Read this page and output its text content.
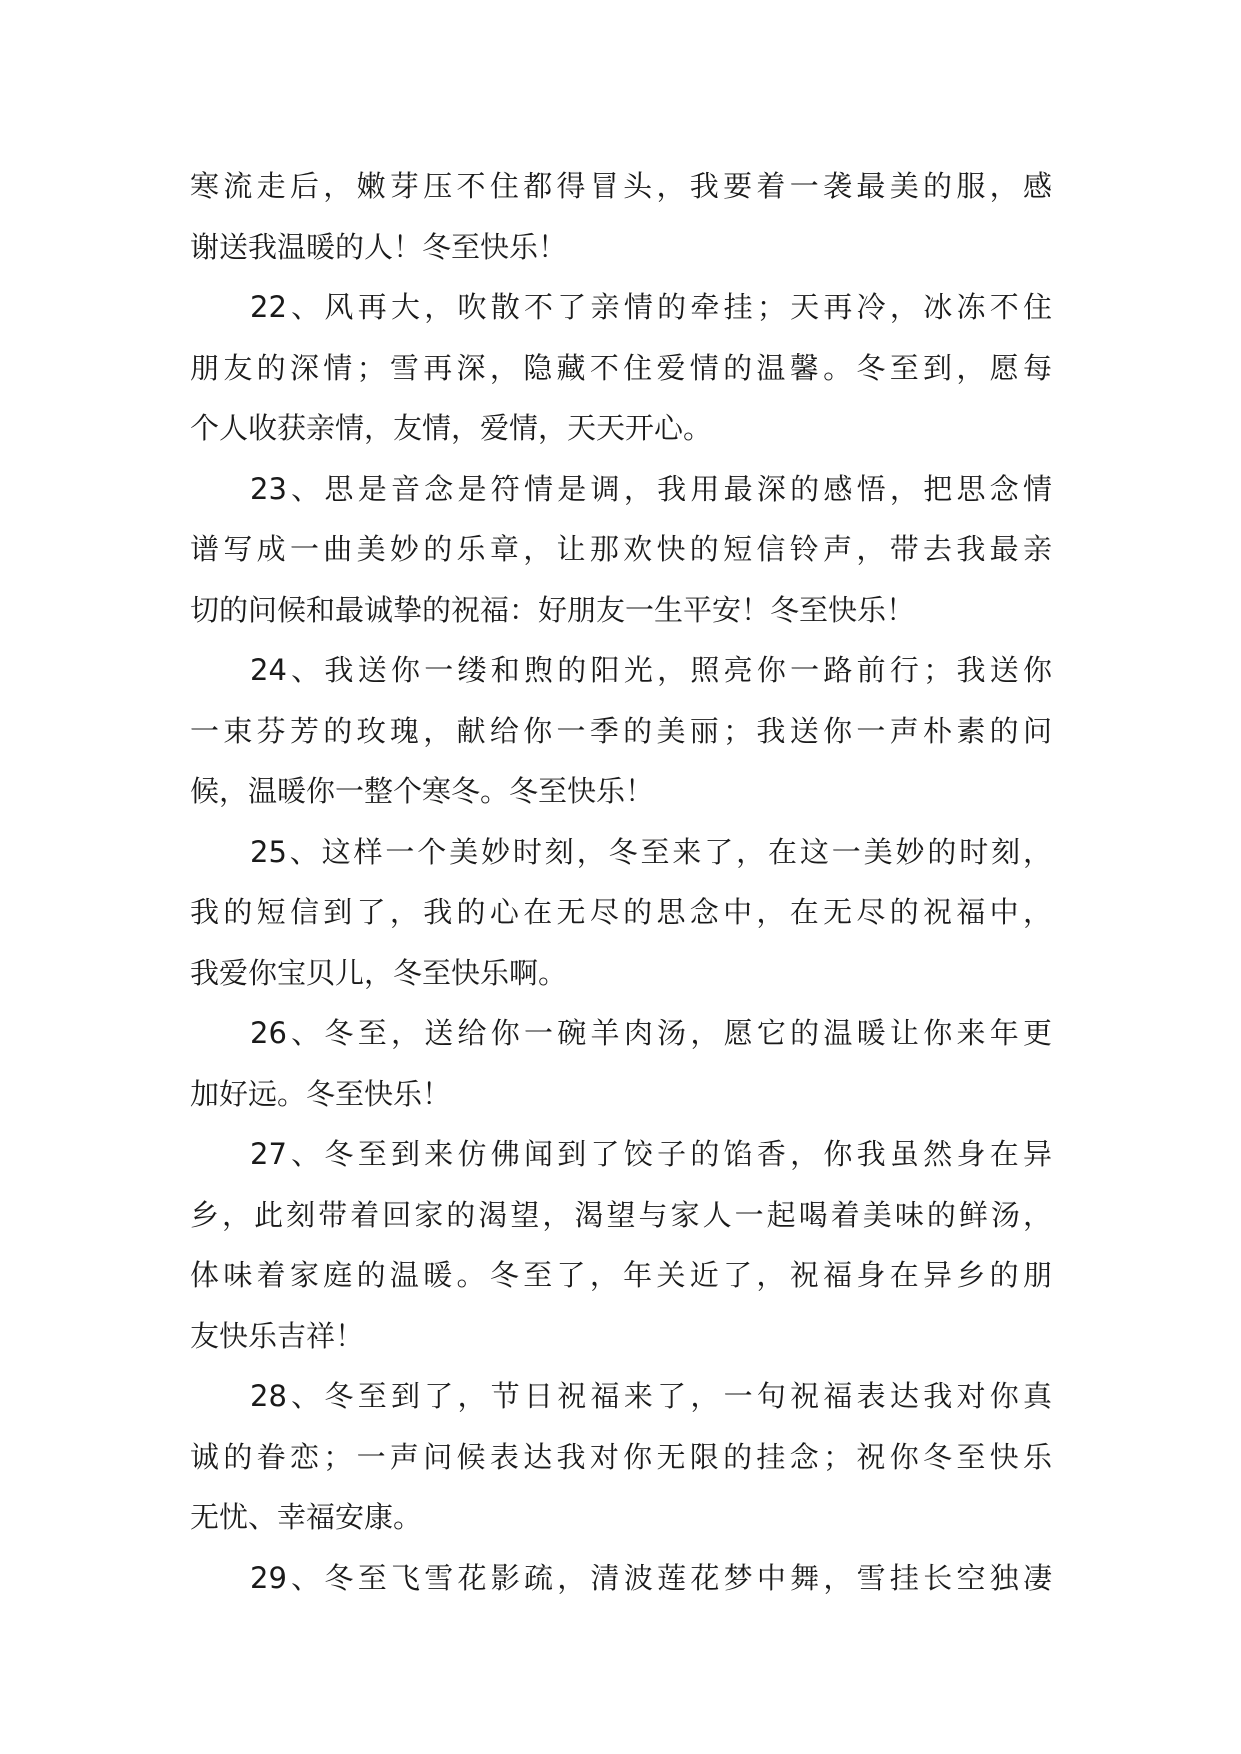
寒流走后，嫩芽压不住都得冒头，我要着一袭最美的服，感
谢送我温暖的人！冬至快乐！
22、风再大，吹散不了亲情的牵挂；天再冷，冰冻不住
朋友的深情；雪再深，隐藏不住爱情的温馨。冬至到，愿每
个人收获亲情，友情，爱情，天天开心。
23、思是音念是符情是调，我用最深的感悟，把思念情
谱写成一曲美妙的乐章，让那欢快的短信铃声，带去我最亲
切的问候和最诚挚的祝福：好朋友一生平安！冬至快乐！
24、我送你一缕和煦的阳光，照亮你一路前行；我送你
一束芬芳的玫瑰，献给你一季的美丽；我送你一声朴素的问
候，温暖你一整个寒冬。冬至快乐！
25、这样一个美妙时刻，冬至来了，在这一美妙的时刻，
我的短信到了，我的心在无尽的思念中，在无尽的祝福中，
我爱你宝贝儿，冬至快乐啊。
26、冬至，送给你一碗羊肉汤，愿它的温暖让你来年更
加好远。冬至快乐！
27、冬至到来仿佛闻到了饺子的馅香，你我虽然身在异
乡，此刻带着回家的渴望，渴望与家人一起喝着美味的鲜汤，
体味着家庭的温暖。冬至了，年关近了，祝福身在异乡的朋
友快乐吉祥！
28、冬至到了，节日祝福来了，一句祝福表达我对你真
诚的眷恋；一声问候表达我对你无限的挂念；祝你冬至快乐
无忧、幸福安康。
29、冬至飞雪花影疏，清波莲花梦中舞，雪挂长空独凄
